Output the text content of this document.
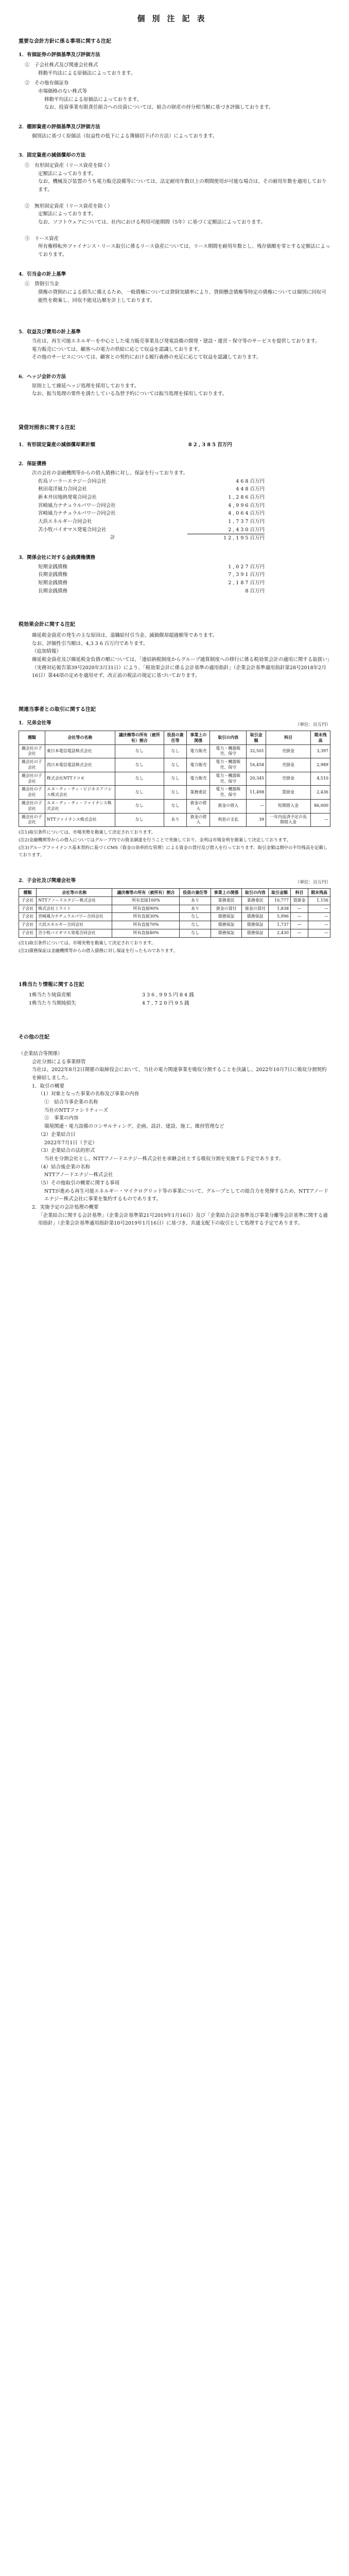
個別注記表
重要な会計方針に係る事項に関する注記
1．有価証券の評価基準及び評価方法
①　子会社株式及び関連会社株式
移動平均法による原価法によっております。
②　その他有価証券
市場価格のない株式等
移動平均法による原価法によっております。
なお、投資事業有限責任組合への出資については、組合の財産の持分相当額に基づき評価しております。
2．棚卸資産の評価基準及び評価方法
個別法に基づく原価法（収益性の低下による簿価切下げの方法）によっております。
3．固定資産の減価償却の方法
①　有形固定資産（リース資産を除く）
定額法によっております。
なお、機械及び装置のうち電力販売設備等については、法定耐用年数以上の期間使用が可能な場合は、その耐用年数を適用しております。
②　無形固定資産（リース資産を除く）
定額法によっております。
なお、ソフトウェアについては、社内における利用可能期間（5年）に基づく定額法によっております。
③　リース資産
所有権移転外ファイナンス・リース取引に係るリース資産については、リース期間を耐用年数とし、残存価額を零とする定額法によっております。
4．引当金の計上基準
①　貸倒引当金
債権の貸倒れによる損失に備えるため、一般債権については貸倒実績率により、貸倒懸念債権等特定の債権については個別に回収可能性を勘案し、回収不能見込額を計上しております。
5．収益及び費用の計上基準
当社は、再生可能エネルギーを中心とした電力販売事業及び発電設備の開発・建設・運営・保守等のサービスを提供しております。
電力販売については、顧客への電力の供給に応じて収益を認識しております。
その他のサービスについては、顧客との契約における履行義務の充足に応じて収益を認識しております。
6．ヘッジ会計の方法
原則として繰延ヘッジ処理を採用しております。
なお、振当処理の要件を満たしている為替予約については振当処理を採用しております。
貸借対照表に関する注記
1．有形固定資産の減価償却累計額	8 2 , 3 8 5 百万円
2．保証債務
次の会社の金融機関等からの借入債務に対し、保証を行っております。
佐鳥ソーラーエナジー合同会社	4 6 8 百万円
秋田竜洋風力合同会社	4 4 8 百万円
新本井田地熱発電合同会社	1 , 2 8 6 百万円
宮崎風力ナチュラルパワー合同会社	4 , 9 9 6 百万円
宮崎風力ナチュラルパワー合同会社	4 , 0 6 4 百万円
大浜エネルギー合同会社	1 , 7 3 7 百万円
苫小牧バイオマス発電合同会社	2 , 4 3 0 百万円
計	1 2 , 1 9 5 百万円
3．関係会社に対する金銭債権債務
短期金銭債権	1 , 0 2 7 百万円
長期金銭債権	7 , 3 9 1 百万円
短期金銭債務	2 , 1 8 7 百万円
長期金銭債務	8 百万円
税効果会計に関する注記
繰延税金資産の発生の主な原因は、退職給付引当金、減価償却超過額等であります。
なお、評価性引当額は、4,3 3 6 百万円であります。
（追加情報）
繰延税金資産及び繰延税金負債の額については、「連結納税制度からグループ通算制度への移行に係る税効果会計の適用に関する取扱い」（実務対応報告第39号2020年3月31日）により、「税効果会計に係る会計基準の適用指針」（企業会計基準適用指針第28号2018年2月16日）第44項の定めを適用せず、改正前の税法の規定に基づいております。
関連当事者との取引に関する注記
1．兄弟会社等	（単位：百万円）
種類	会社等の名称	議決権等の所有（被所有）割合	役員の兼任等	事業上の関係	取引の内容	取引金額	科目	期末残高
親会社の子会社	東日本電信電話株式会社	なし	なし	電力販売	電力・機器販売、保守	32,501	売掛金	3,397
親会社の子会社	西日本電信電話株式会社	なし	なし	電力販売	電力・機器販売、保守	16,458	売掛金	2,989
親会社の子会社	株式会社NTTドコモ	なし	なし	電力販売	電力・機器販売、保守	20,345	売掛金	4,510
親会社の子会社	エヌ・ティ・ティ・ビジネスアソシエ株式会社	なし	なし	業務委託	電力・機器販売、保守	11,498	買掛金	2,436
親会社の子会社	エヌ・ティ・ティ・ファイナンス株式会社	なし	なし	資金の借入	資金の借入	—	短期借入金	86,000
親会社の子会社	NTTファイナンス株式会社	なし	あり	資金の借入	利息の支払	39	一年内返済予定の長期借入金	—
(注1)取引条件については、市場実勢を勘案して決定されております。
(注2)金融機関等からの借入についてはグループ内での資金調達を行うことで実施しており、金利は市場金利を勘案して決定しております。
(注3)グループファイナンス基本契約に基づくCMS（資金の効率的な管理）による資金の貸付及び借入を行っております。取引金額は期中の平均残高を記載しております。
2．子会社及び関連会社等	（単位：百万円）
種類	会社等の名称	議決権等の所有（被所有）割合	役員の兼任等	事業上の関係	取引の内容	取引金額	科目	期末残高
子会社	NTTアノードエナジー株式会社	所有直接100%	あり	業務委託	業務委託	10,777	買掛金	1,156
子会社	株式会社ミライト	所有直接90%	あり	資金の貸付	資金の貸付	1,838	—	—
子会社	宮崎風力ナチュラルパワー合同会社	所有直接30%	なし	債務保証	債務保証	5,996	—	—
子会社	大浜エネルギー合同会社	所有直接70%	なし	債務保証	債務保証	1,737	—	—
子会社	苫小牧バイオマス発電合同会社	所有直接40%	なし	債務保証	債務保証	2,430	—	—
(注1)取引条件については、市場実勢を勘案して決定されております。
(注2)債務保証は金融機関等からの借入債務に対し保証を行ったものであります。
1株当たり情報に関する注記
1株当たり純資産額	3 3 6 , 9 9 5 円 8 4 銭
1株当たり当期純損失	4 7 , 7 2 0 円 9 5 銭
その他の注記
（企業結合等関係）
会社分割による事業移管
当社は、2022年8月2日開催の取締役会において、当社の電力関連事業を吸収分割することを決議し、2022年10月7日に吸収分割契約を締結しました。
1．取引の概要
（1）対象となった事業の名称及び事業の内容
①　結合当事企業の名称
当社のNTTファシリティーズ
②　事業の内容
環境関連・電力設備のコンサルティング、企画、設計、建設、施工、維持管理など
（2）企業結合日
2022年7月1日（予定）
（3）企業結合の法的形式
当社を分割会社とし、NTTアノードエナジー株式会社を承継会社とする吸収分割を実施する予定であります。
（4）結合後企業の名称
NTTアノードエナジー株式会社
（5）その他取引の概要に関する事項
NTTが進める再生可能エネルギー・マイクログリッド等の事業について、グループとしての総合力を発揮するため、NTTアノードエナジー株式会社に事業を集約するものであります。
2．実施予定の会計処理の概要
「企業結合に関する会計基準」（企業会計基準第21号2019年1月16日）及び「企業結合会計基準及び事業分離等会計基準に関する適用指針」（企業会計基準適用指針第10号2019年1月16日）に基づき、共通支配下の取引として処理する予定であります。
